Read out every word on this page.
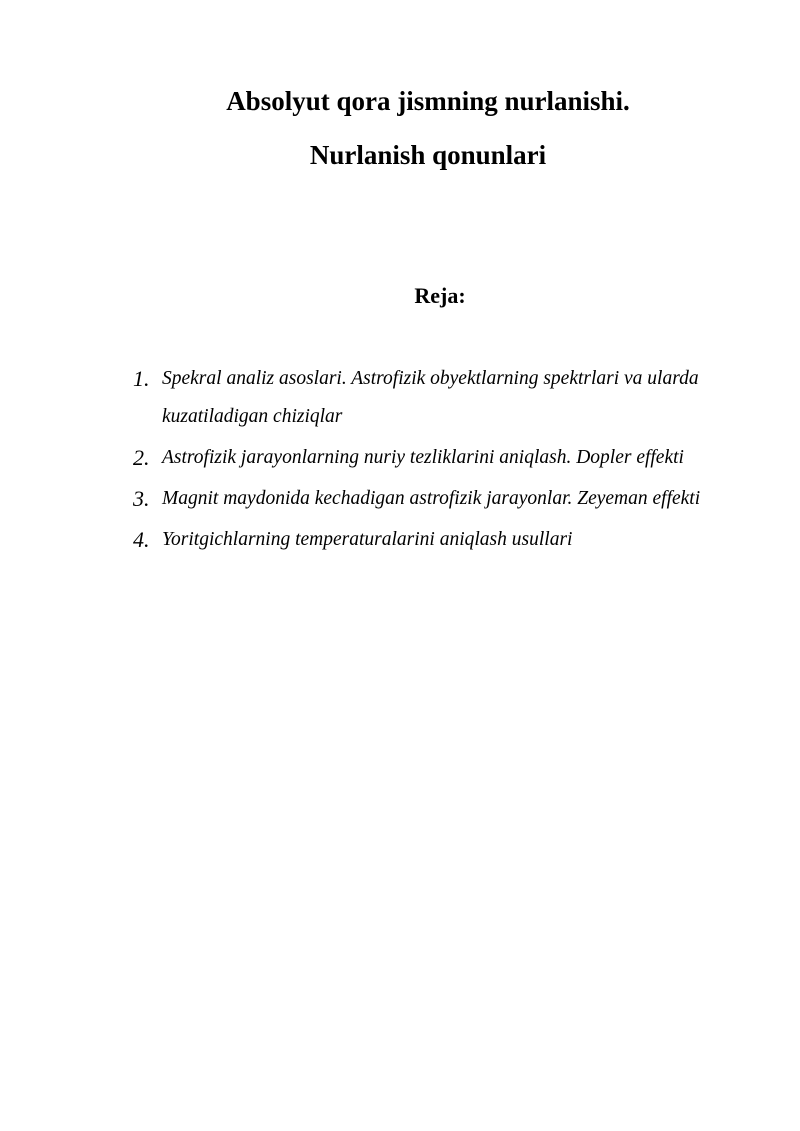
Absolyut qora jismning nurlanishi.

Nurlanish qonunlari

Reja:

1. Spekral analiz asoslari. Astrofizik obyektlarning spektrlari va ularda kuzatiladigan chiziqlar
2. Astrofizik jarayonlarning nuriy tezliklarini aniqlash. Dopler effekti
3. Magnit maydonida kechadigan astrofizik jarayonlar. Zeyeman effekti
4. Yoritgichlarning temperaturalarini aniqlash usullari
